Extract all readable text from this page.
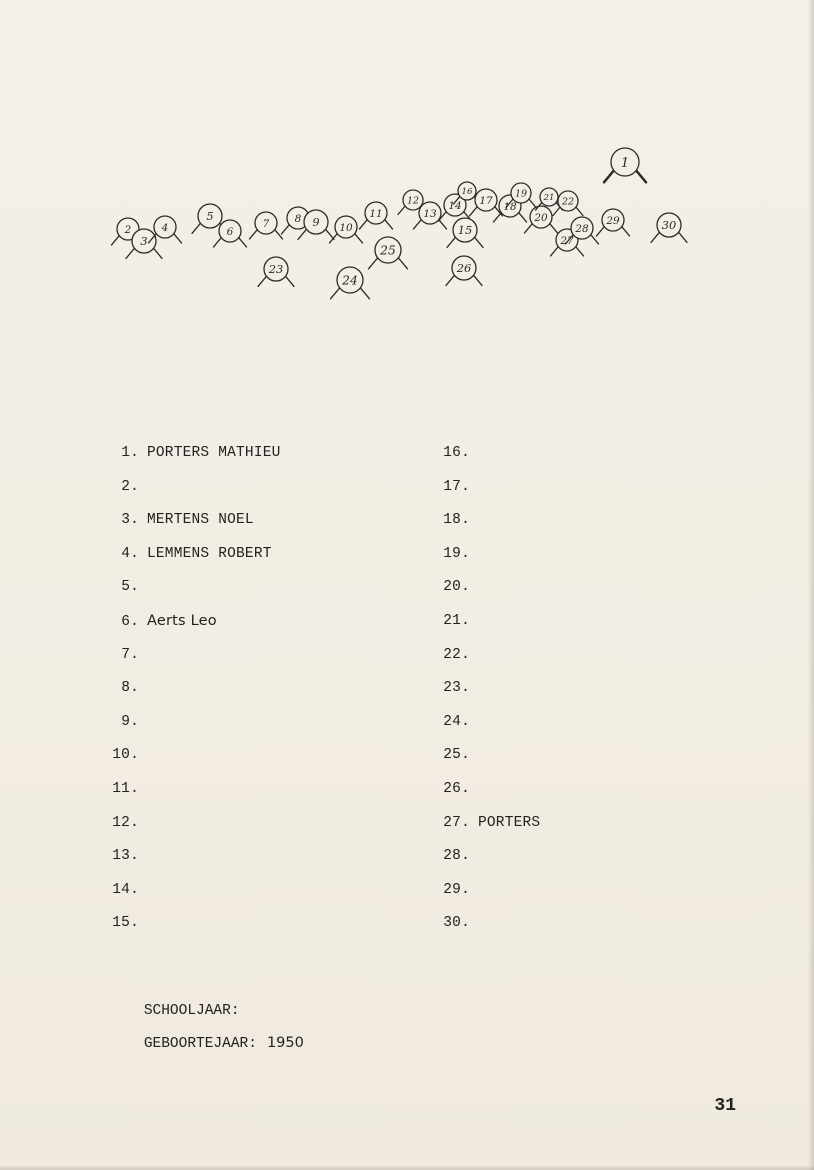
1
2
3
4
5
6
7 8 9 10
11
12
13
14
15
16
17 18
19
20
21 22
23
24
25
26
27
28
29	30
1. PORTERS MATHIEU
2.
3. MERTENS NOEL
4. LEMMENS ROBERT
5.
6. Aerts Leo
7.
8.
9.
10.
11.
12.
13.
14.
15.
16.
17.
18.
19.
20.
21.
22.
23.
24.
25.
26.
27. PORTERS
28.
29.
30.

SCHOOLJAAR:

GEBOORTEJAAR: 1950

31
